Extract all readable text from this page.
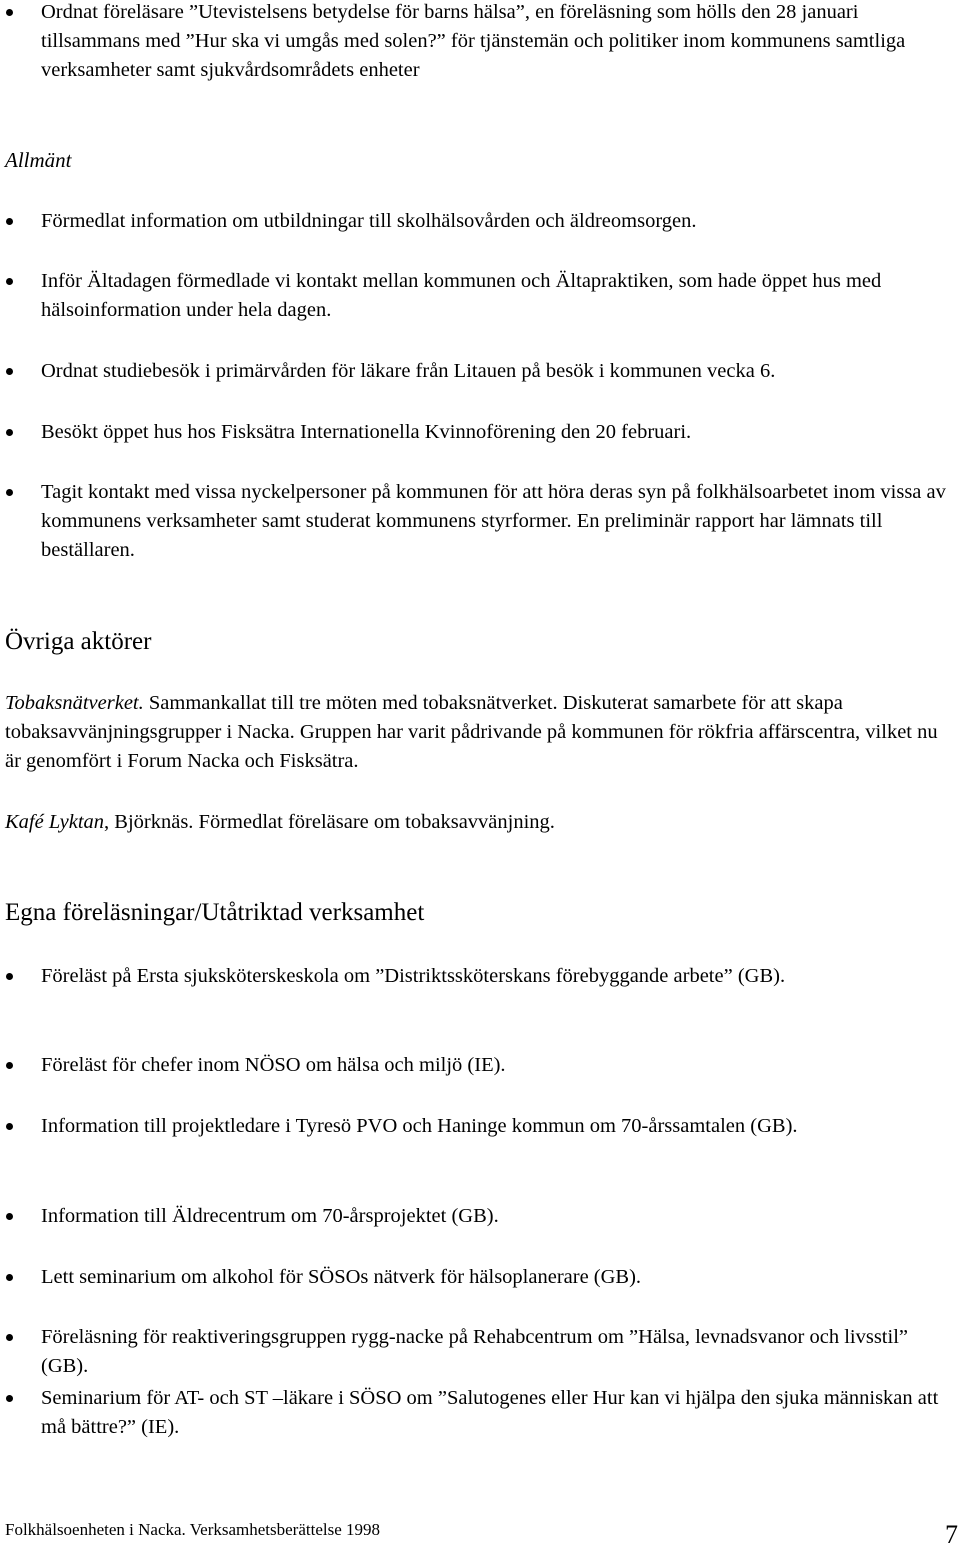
Ordnat föreläsare ”Utevistelsens betydelse för barns hälsa”, en föreläsning som hölls den 28 januari tillsammans med ”Hur ska vi umgås med solen?” för tjänstemän och politiker inom kommunens samtliga verksamheter samt sjukvårdsområdets enheter
Allmänt
Förmedlat information om utbildningar till skolhälsovården och äldreomsorgen.
Inför Ältadagen förmedlade vi kontakt mellan kommunen och Ältapraktiken, som hade öppet hus med hälsoinformation under hela dagen.
Ordnat studiebesök i primärvården för läkare från Litauen på besök i kommunen vecka 6.
Besökt öppet hus hos Fisksätra Internationella Kvinnoförening den 20 februari.
Tagit kontakt med vissa nyckelpersoner på kommunen för att höra deras syn på folkhälsoarbetet inom vissa av kommunens verksamheter samt studerat kommunens styrformer. En preliminär rapport har lämnats till beställaren.
Övriga aktörer
Tobaksnätverket. Sammankallat till tre möten med tobaksnätverket. Diskuterat samarbete för att skapa tobaksavvänjningsgrupper i Nacka. Gruppen har varit pådrivande på kommunen för rökfria affärscentra, vilket nu är genomfört i Forum Nacka och Fisksätra.
Kafé Lyktan, Björknäs. Förmedlat föreläsare om tobaksavvänjning.
Egna föreläsningar/Utåtriktad verksamhet
Föreläst på Ersta sjuksköterskeskola om ”Distriktssköterskans förebyggande arbete” (GB).
Föreläst för chefer inom NÖSO om hälsa och miljö (IE).
Information till projektledare i Tyresö PVO och Haninge kommun om 70-årssamtalen (GB).
Information till Äldrecentrum om 70-årsprojektet (GB).
Lett seminarium om alkohol för SÖSOs nätverk för hälsoplanerare (GB).
Föreläsning för reaktiveringsgruppen rygg-nacke på Rehabcentrum om ”Hälsa, levnadsvanor och livsstil” (GB).
Seminarium för AT- och ST –läkare i SÖSO om ”Salutogenes eller Hur kan vi hjälpa den sjuka människan att må bättre?” (IE).
Folkhälsoenheten i Nacka. Verksamhetsberättelse 1998	7
